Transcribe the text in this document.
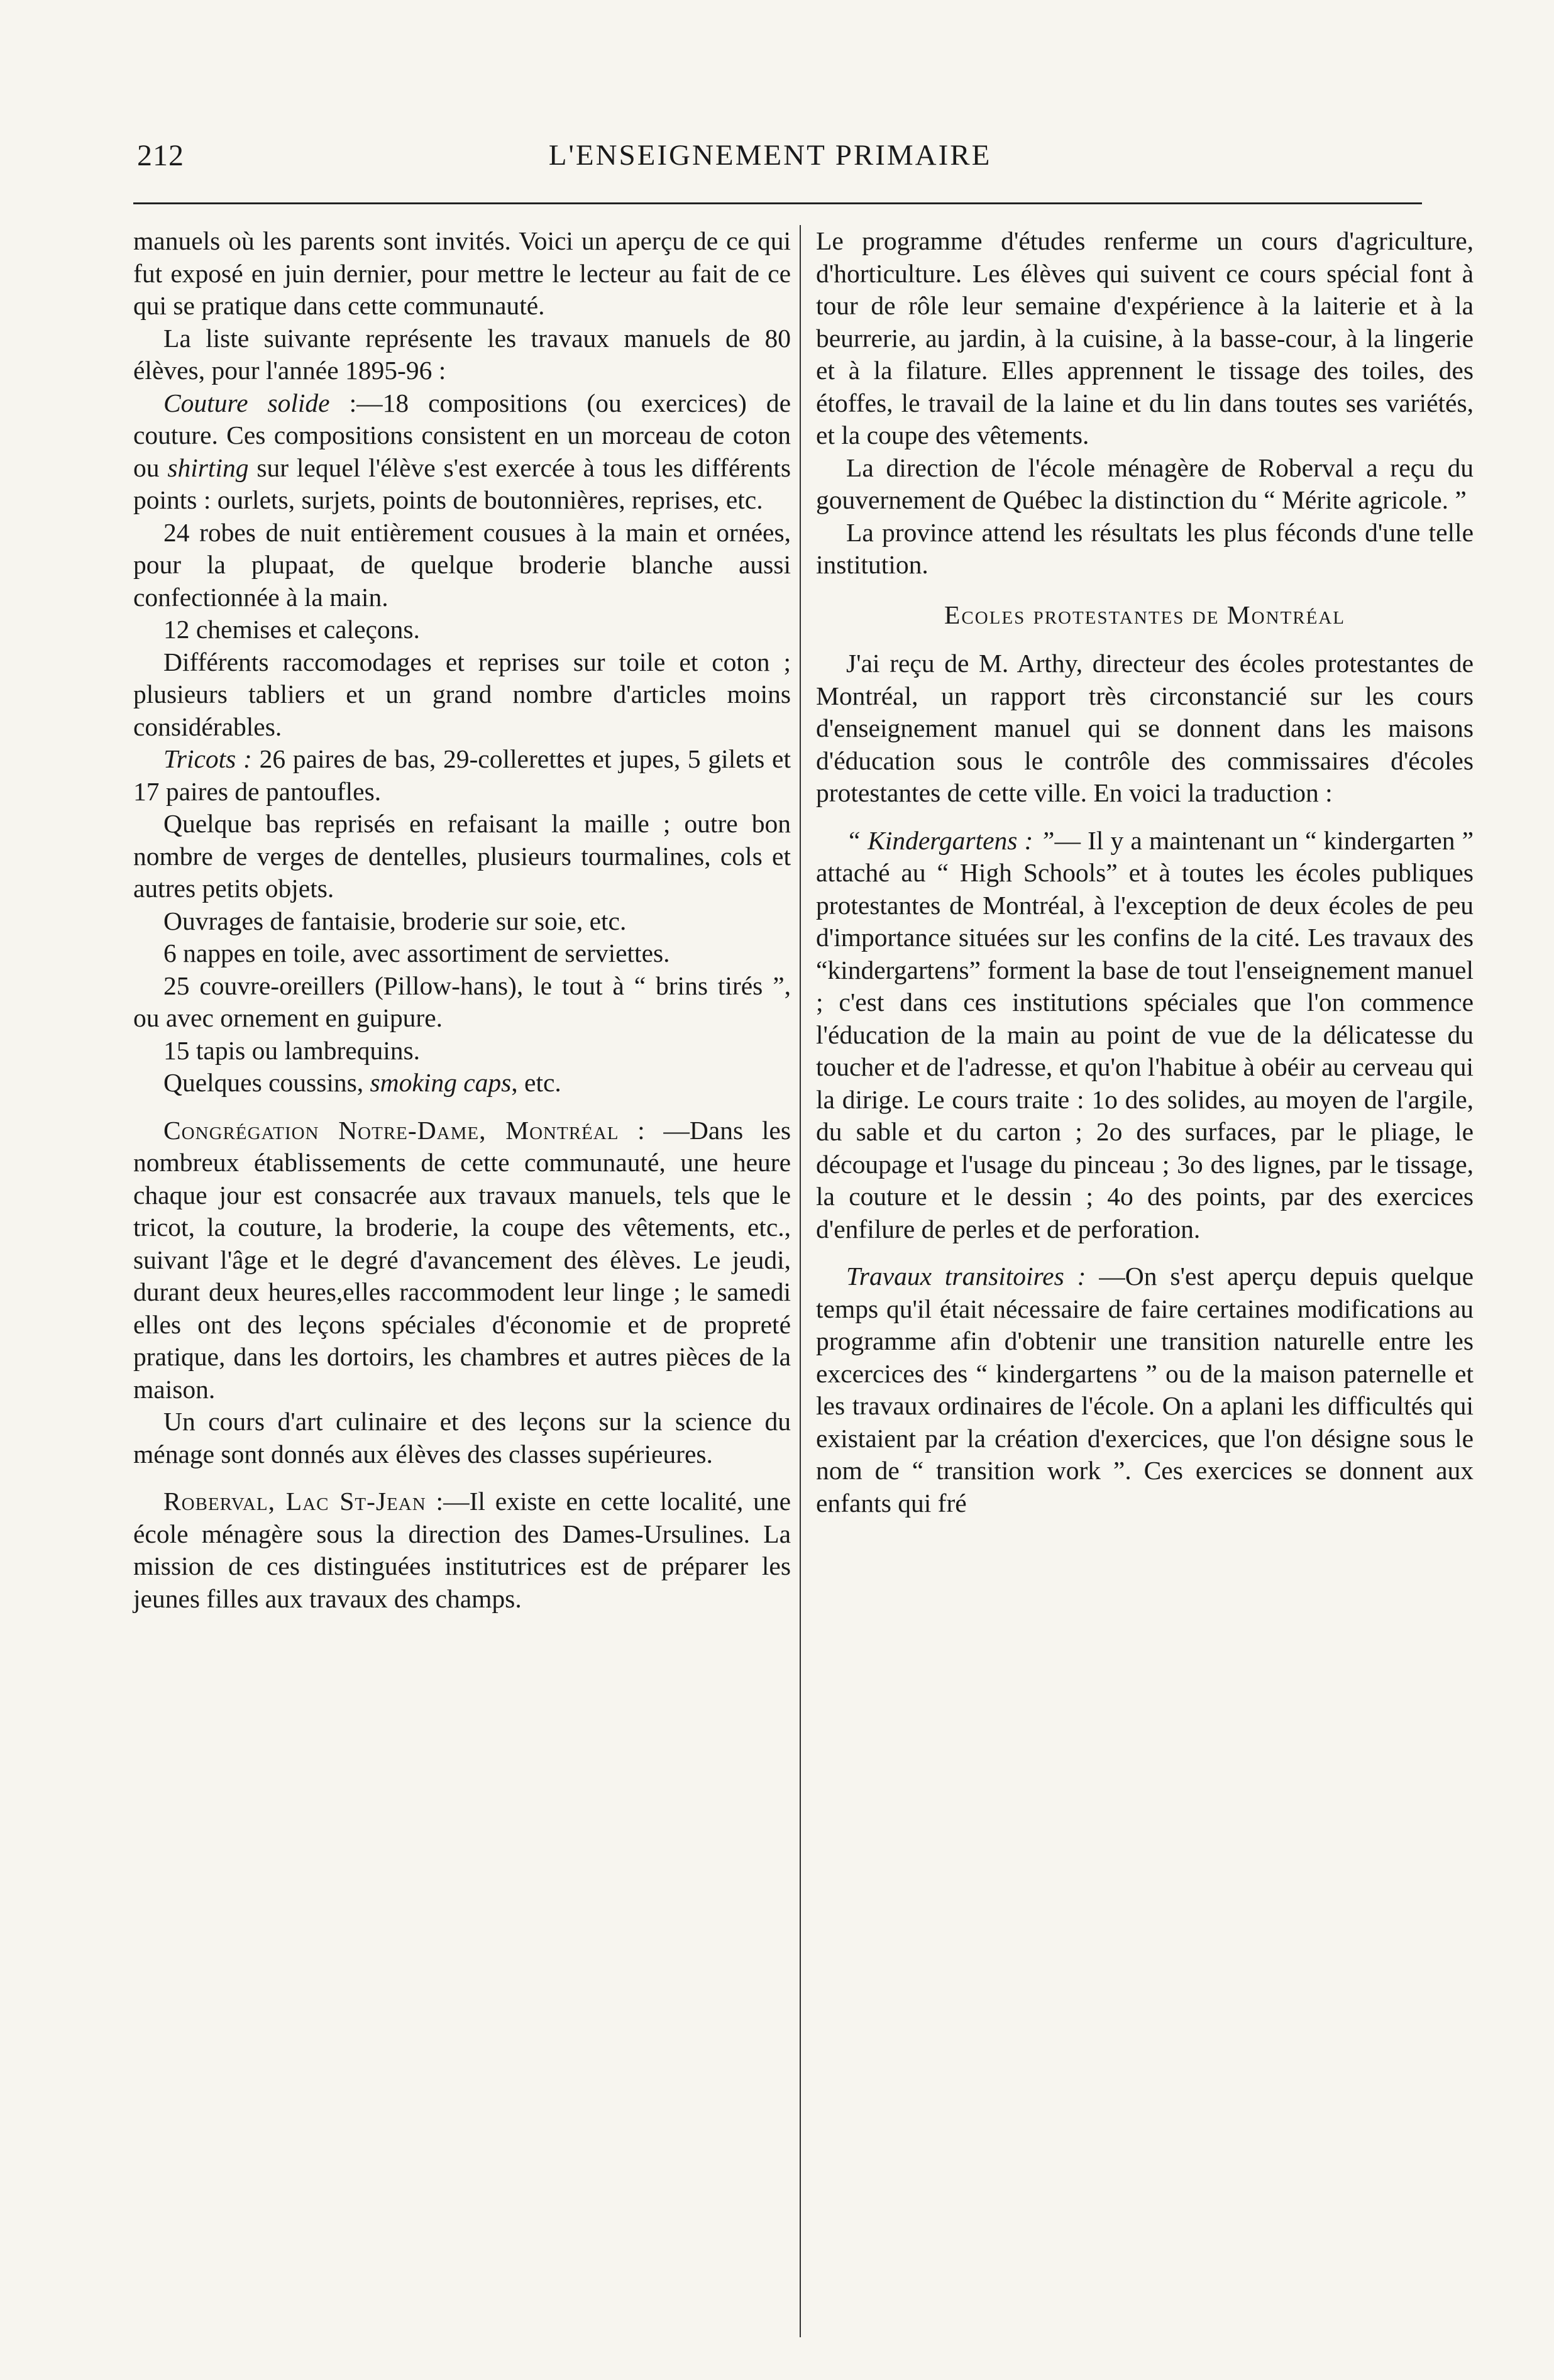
212	L'ENSEIGNEMENT PRIMAIRE

manuels où les parents sont invités. Voici un aperçu de ce qui fut exposé en juin dernier, pour mettre le lecteur au fait de ce qui se pratique dans cette communauté.

La liste suivante représente les travaux manuels de 80 élèves, pour l'année 1895-96 :

Couture solide :—18 compositions (ou exercices) de couture. Ces compositions consistent en un morceau de coton ou shirting sur lequel l'élève s'est exercée à tous les différents points : ourlets, surjets, points de boutonnières, reprises, etc.

24 robes de nuit entièrement cousues à la main et ornées, pour la plupaat, de quelque broderie blanche aussi confectionnée à la main.

12 chemises et caleçons.

Différents raccomodages et reprises sur toile et coton ; plusieurs tabliers et un grand nombre d'articles moins considérables.

Tricots : 26 paires de bas, 29-collerettes et jupes, 5 gilets et 17 paires de pantoufles.

Quelque bas reprisés en refaisant la maille ; outre bon nombre de verges de dentelles, plusieurs tourmalines, cols et autres petits objets.

Ouvrages de fantaisie, broderie sur soie, etc.

6 nappes en toile, avec assortiment de serviettes.

25 couvre-oreillers (Pillow-hans), le tout à “ brins tirés ”, ou avec ornement en guipure.

15 tapis ou lambrequins.

Quelques coussins, smoking caps, etc.

Congrégation Notre-Dame, Montréal : —Dans les nombreux établissements de cette communauté, une heure chaque jour est consacrée aux travaux manuels, tels que le tricot, la couture, la broderie, la coupe des vêtements, etc., suivant l'âge et le degré d'avancement des élèves. Le jeudi, durant deux heures,elles raccommodent leur linge ; le samedi elles ont des leçons spéciales d'économie et de propreté pratique, dans les dortoirs, les chambres et autres pièces de la maison.

Un cours d'art culinaire et des leçons sur la science du ménage sont donnés aux élèves des classes supérieures.

Roberval, Lac St-Jean :—Il existe en cette localité, une école ménagère sous la direction des Dames-Ursulines. La mission de ces distinguées institutrices est de préparer les jeunes filles aux travaux des champs.

Le programme d'études renferme un cours d'agriculture, d'horticulture. Les élèves qui suivent ce cours spécial font à tour de rôle leur semaine d'expérience à la laiterie et à la beurrerie, au jardin, à la cuisine, à la basse-cour, à la lingerie et à la filature. Elles apprennent le tissage des toiles, des étoffes, le travail de la laine et du lin dans toutes ses variétés, et la coupe des vêtements.

La direction de l'école ménagère de Roberval a reçu du gouvernement de Québec la distinction du “ Mérite agricole. ”

La province attend les résultats les plus féconds d'une telle institution.

Ecoles protestantes de Montréal

J'ai reçu de M. Arthy, directeur des écoles protestantes de Montréal, un rapport très circonstancié sur les cours d'enseignement manuel qui se donnent dans les maisons d'éducation sous le contrôle des commissaires d'écoles protestantes de cette ville. En voici la traduction :

“ Kindergartens : ”— Il y a maintenant un “ kindergarten ” attaché au “ High Schools” et à toutes les écoles publiques protestantes de Montréal, à l'exception de deux écoles de peu d'importance situées sur les confins de la cité. Les travaux des “kindergartens” forment la base de tout l'enseignement manuel ; c'est dans ces institutions spéciales que l'on commence l'éducation de la main au point de vue de la délicatesse du toucher et de l'adresse, et qu'on l'habitue à obéir au cerveau qui la dirige. Le cours traite : 1o des solides, au moyen de l'argile, du sable et du carton ; 2o des surfaces, par le pliage, le découpage et l'usage du pinceau ; 3o des lignes, par le tissage, la couture et le dessin ; 4o des points, par des exercices d'enfilure de perles et de perforation.

Travaux transitoires : —On s'est aperçu depuis quelque temps qu'il était nécessaire de faire certaines modifications au programme afin d'obtenir une transition naturelle entre les excercices des “ kindergartens ” ou de la maison paternelle et les travaux ordinaires de l'école. On a aplani les difficultés qui existaient par la création d'exercices, que l'on désigne sous le nom de “ transition work ”. Ces exercices se donnent aux enfants qui fré
